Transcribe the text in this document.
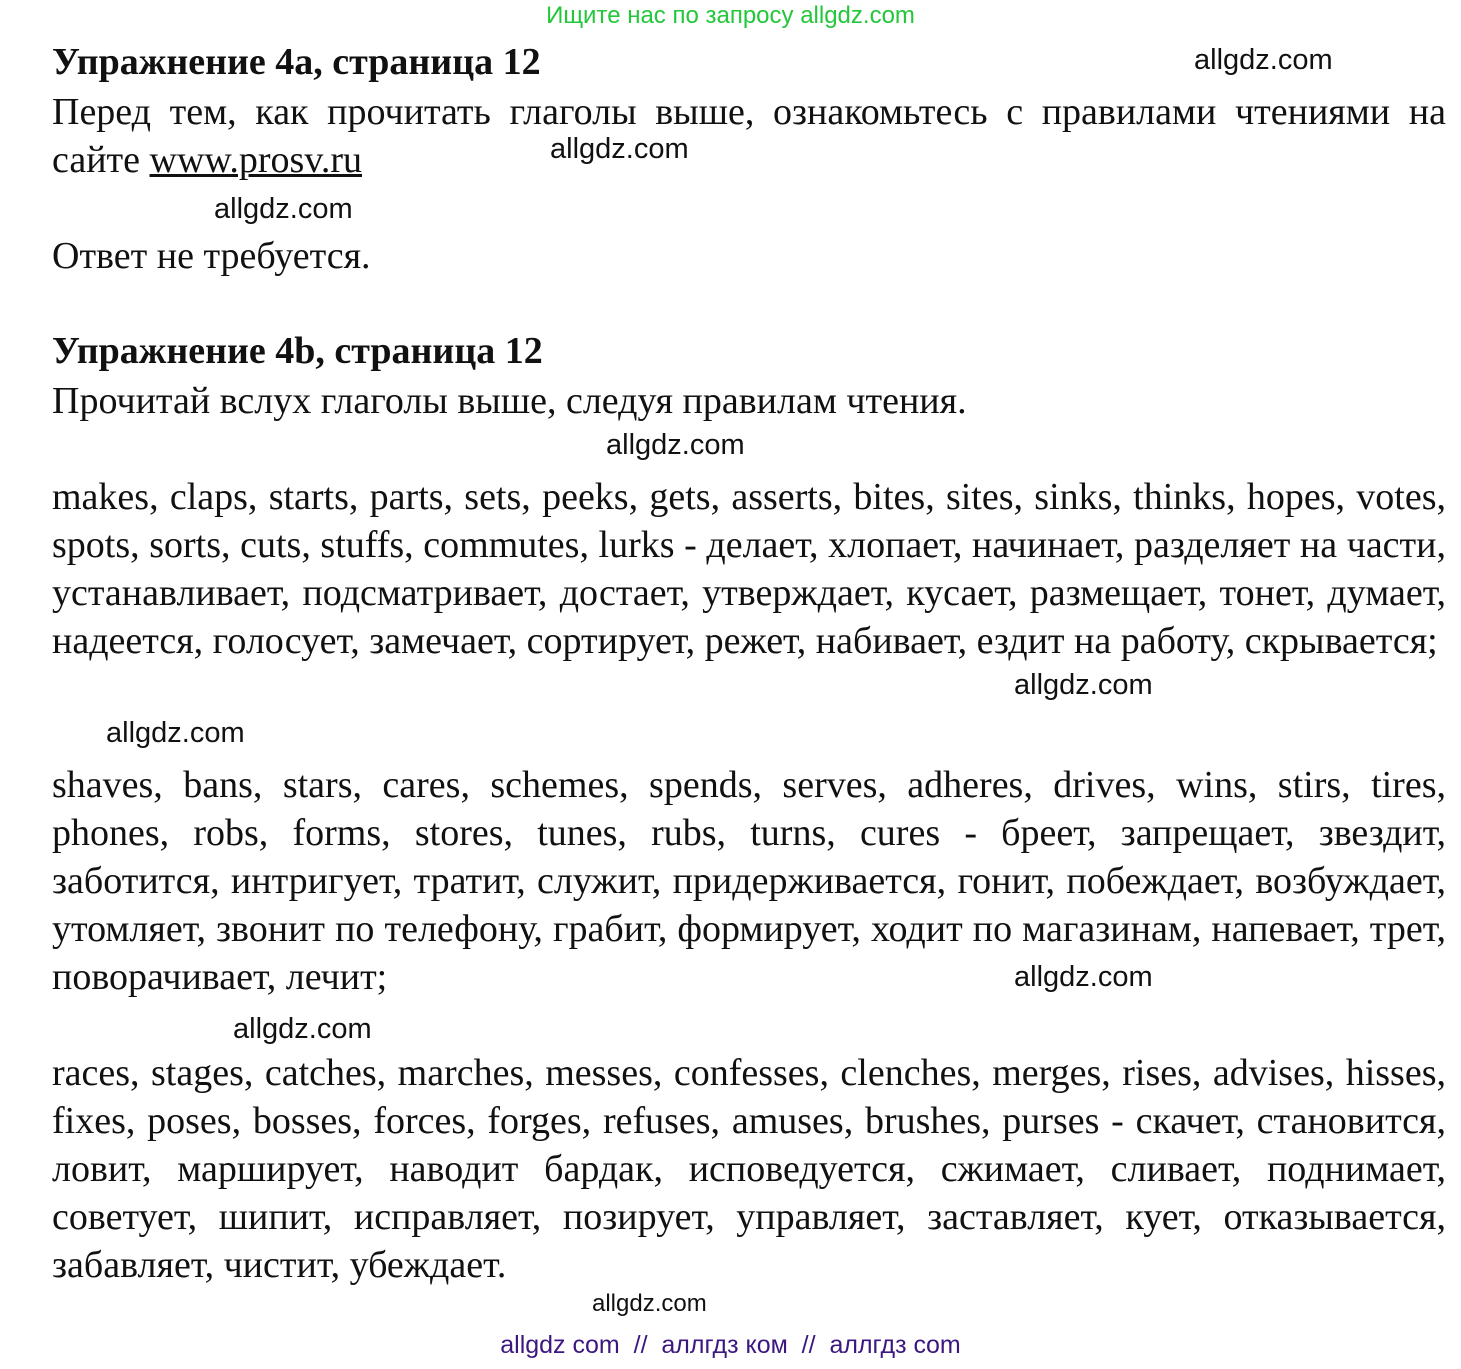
Ищите нас по запросу allgdz.com
Упражнение 4a, страница 12	allgdz.com
Перед тем, как прочитать глаголы выше, ознакомьтесь с правилами чтениями на сайте www.prosv.ru	allgdz.com
allgdz.com
Ответ не требуется.
Упражнение 4b, страница 12
Прочитай вслух глаголы выше, следуя правилам чтения.
allgdz.com
makes, claps, starts, parts, sets, peeks, gets, asserts, bites, sites, sinks, thinks, hopes, votes, spots, sorts, cuts, stuffs, commutes, lurks - делает, хлопает, начинает, разделяет на части, устанавливает, подсматривает, достает, утверждает, кусает, размещает, тонет, думает, надеется, голосует, замечает, сортирует, режет, набивает, ездит на работу, скрывается;
allgdz.com
allgdz.com
shaves, bans, stars, cares, schemes, spends, serves, adheres, drives, wins, stirs, tires, phones, robs, forms, stores, tunes, rubs, turns, cures - бреет, запрещает, звездит, заботится, интригует, тратит, служит, придерживается, гонит, побеждает, возбуждает, утомляет, звонит по телефону, грабит, формирует, ходит по магазинам, напевает, трет, поворачивает, лечит;	allgdz.com
allgdz.com
races, stages, catches, marches, messes, confesses, clenches, merges, rises, advises, hisses, fixes, poses, bosses, forces, forges, refuses, amuses, brushes, purses - скачет, становится, ловит, марширует, наводит бардак, исповедуется, сжимает, сливает, поднимает, советует, шипит, исправляет, позирует, управляет, заставляет, кует, отказывается, забавляет, чистит, убеждает.
allgdz.com
allgdz com  //  аллгдз ком  //  аллгдз com
